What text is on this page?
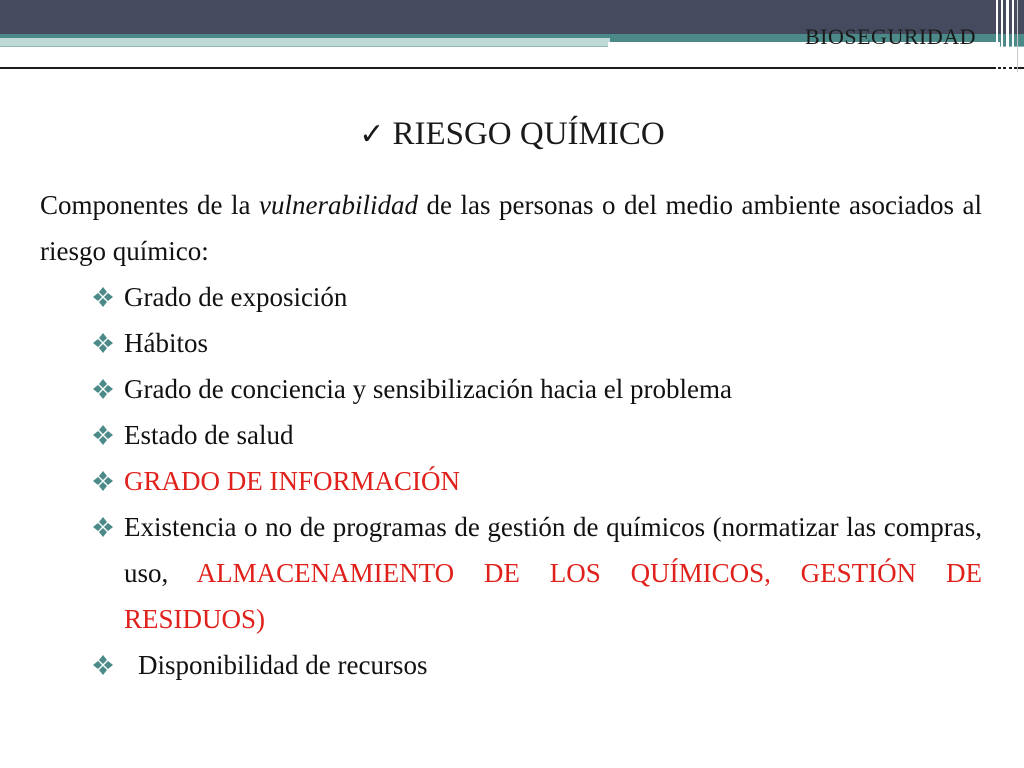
BIOSEGURIDAD
✓ RIESGO QUÍMICO
Componentes de la vulnerabilidad de las personas o del medio ambiente asociados al riesgo químico:
Grado de exposición
Hábitos
Grado de conciencia y sensibilización hacia el problema
Estado de salud
GRADO DE INFORMACIÓN
Existencia o no de programas de gestión de químicos (normatizar las compras, uso, ALMACENAMIENTO DE LOS QUÍMICOS, GESTIÓN DE RESIDUOS)
Disponibilidad de recursos
